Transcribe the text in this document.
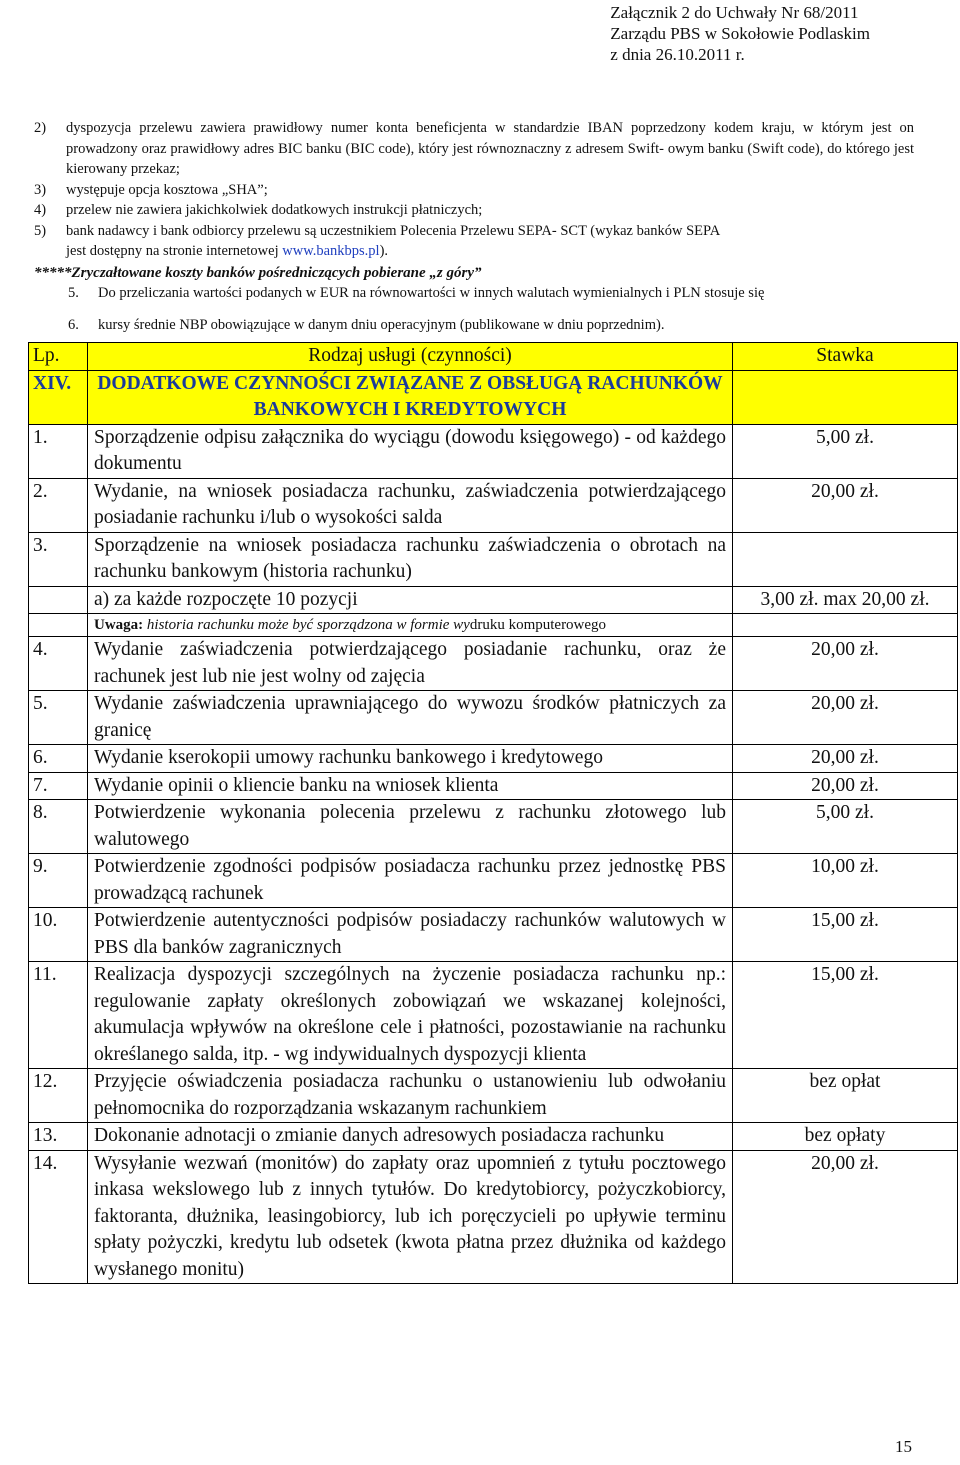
Załącznik 2 do Uchwały Nr 68/2011
Zarządu PBS w Sokołowie Podlaskim
z dnia 26.10.2011 r.
2)	dyspozycja przelewu zawiera prawidłowy numer konta beneficjenta w standardzie IBAN poprzedzony kodem kraju, w którym jest on prowadzony oraz prawidłowy adres BIC banku (BIC code), który jest równoznaczny z adresem Swift- owym banku (Swift code), do którego jest kierowany przekaz;
3)	występuje opcja kosztowa „SHA”;
4)	przelew nie zawiera jakichkolwiek dodatkowych instrukcji płatniczych;
5)	bank nadawcy i bank odbiorcy przelewu są uczestnikiem Polecenia Przelewu SEPA- SCT (wykaz banków SEPA
jest dostępny na stronie internetowej www.bankbps.pl).
*****Zryczałtowane koszty banków pośredniczących pobierane „z góry”
5.	Do przeliczania wartości podanych w EUR na równowartości w innych walutach wymienialnych i PLN stosuje się
6.	kursy średnie NBP obowiązujące w danym dniu operacyjnym (publikowane w dniu poprzednim).
Lp.	Rodzaj usługi (czynności)	Stawka
XIV.	DODATKOWE CZYNNOŚCI ZWIĄZANE Z OBSŁUGĄ RACHUNKÓW BANKOWYCH I KREDYTOWYCH	
1.	Sporządzenie odpisu załącznika do wyciągu (dowodu księgowego) - od każdego dokumentu	5,00 zł.
2.	Wydanie, na wniosek posiadacza rachunku, zaświadczenia potwierdzającego posiadanie rachunku i/lub o wysokości salda	20,00 zł.
3.	Sporządzenie na wniosek posiadacza rachunku zaświadczenia o obrotach na rachunku bankowym (historia rachunku)	
	a) za każde rozpoczęte 10 pozycji	3,00 zł. max 20,00 zł.
	Uwaga: historia rachunku może być sporządzona w formie wydruku komputerowego	
4.	Wydanie zaświadczenia potwierdzającego posiadanie rachunku, oraz że rachunek jest lub nie jest wolny od zajęcia	20,00 zł.
5.	Wydanie zaświadczenia uprawniającego do wywozu środków płatniczych za granicę	20,00 zł.
6.	Wydanie kserokopii umowy rachunku bankowego i kredytowego	20,00 zł.
7.	Wydanie opinii o kliencie banku na wniosek klienta	20,00 zł.
8.	Potwierdzenie wykonania polecenia przelewu z rachunku złotowego lub walutowego	5,00 zł.
9.	Potwierdzenie zgodności podpisów posiadacza rachunku przez jednostkę PBS prowadzącą rachunek	10,00 zł.
10.	Potwierdzenie autentyczności podpisów posiadaczy rachunków walutowych w PBS dla banków zagranicznych	15,00 zł.
11.	Realizacja dyspozycji szczególnych na życzenie posiadacza rachunku np.: regulowanie zapłaty określonych zobowiązań we wskazanej kolejności, akumulacja wpływów na określone cele i płatności, pozostawianie na rachunku określanego salda, itp. - wg indywidualnych dyspozycji klienta	15,00 zł.
12.	Przyjęcie oświadczenia posiadacza rachunku o ustanowieniu lub odwołaniu pełnomocnika do rozporządzania wskazanym rachunkiem	bez opłat
13.	Dokonanie adnotacji o zmianie danych adresowych posiadacza rachunku	bez opłaty
14.	Wysyłanie wezwań (monitów) do zapłaty oraz upomnień z tytułu pocztowego inkasa wekslowego lub z innych tytułów. Do kredytobiorcy, pożyczkobiorcy, faktoranta, dłużnika, leasingobiorcy, lub ich poręczycieli po upływie terminu spłaty pożyczki, kredytu lub odsetek (kwota płatna przez dłużnika od każdego wysłanego monitu)	20,00 zł.
15
